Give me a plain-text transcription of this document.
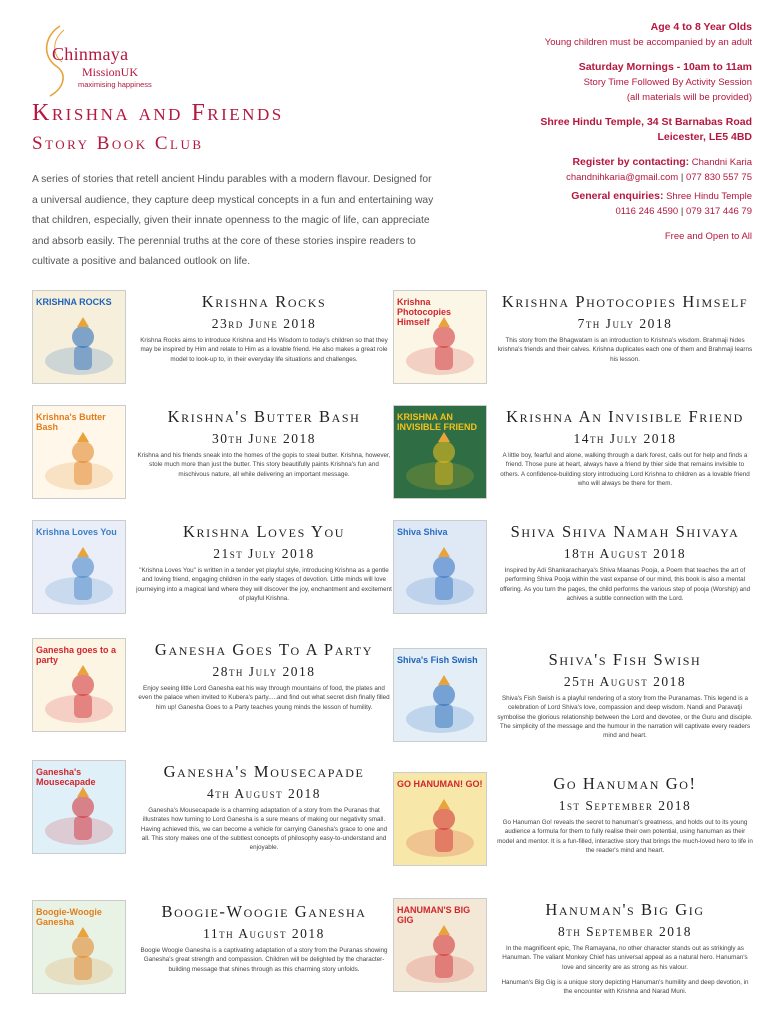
Chinmaya
MissionUK
maximising happiness
Krishna and Friends
Story Book Club

A series of stories that retell ancient Hindu parables with a modern flavour. Designed for a universal audience, they capture deep mystical concepts in a fun and entertaining way that children, especially, given their innate openness to the magic of life, can appreciate and absorb easily. The perennial truths at the core of these stories inspire readers to cultivate a positive and balanced outlook on life.

Age 4 to 8 Year Olds
Young children must be accompanied by an adult
Saturday Mornings - 10am to 11am
Story Time Followed By Activity Session
(all materials will be provided)
Shree Hindu Temple, 34 St Barnabas Road
Leicester, LE5 4BD
Register by contacting: Chandni Karia
chandnihkaria@gmail.com | 077 830 557 75
General enquiries: Shree Hindu Temple
0116 246 4590 | 079 317 446 79
Free and Open to All
KRISHNA ROCKS	Krishna Rocks
23rd June 2018

Krishna Rocks aims to introduce Krishna and His Wisdom to today's children so that they may be inspired by Him and relate to Him as a lovable friend. He also makes a great role model to look-up to, in their everyday life situations and challenges.

Krishna Photocopies Himself
Krishna Photocopies Himself
7th July 2018

This story from the Bhagwatam is an introduction to Krishna's wisdom. Brahmaji hides krishna's friends and their calves. Krishna duplicates each one of them and Brahmaji learns his lesson.

Krishna's Butter Bash
Krishna's Butter Bash
30th June 2018

Krishna and his friends sneak into the homes of the gopis to steal butter. Krishna, however, stole much more than just the butter. This story beautifully paints Krishna's fun and mischivous nature, all while delivering an important message.

KRISHNA AN INVISIBLE FRIEND
Krishna An Invisible Friend
14th July 2018

A little boy, fearful and alone, walking through a dark forest, calls out for help and finds a friend. Those pure at heart, always have a friend by thier side that remains invisible to others. A confidence-building story introducing Lord Krishna to children as a lovable friend who will always be there for them.

Krishna Loves You	Krishna Loves You
21st July 2018

"Krishna Loves You" is written in a tender yet playful style, introducing Krishna as a gentle and loving friend, engaging children in the early stages of devotion. Little minds will love journeying into a magical land where they will discover the joy, enchantment and excitement of playful Krishna.

Shiva Shiva	Shiva Shiva Namah Shivaya
18th August 2018

Inspired by Adi Shankaracharya's Shiva Maanas Pooja, a Poem that teaches the art of performing Shiva Pooja within the vast expanse of our mind, this book is also a mental offering. As you turn the pages, the child performs the various step of pooja (Worship) and achives a subtle connection with the Lord.

Ganesha goes to a party
Ganesha Goes To A Party
28th July 2018

Enjoy seeing little Lord Ganesha eat his way through mountains of food, the plates and even the palace when invited to Kubera's party.....and find out what secret dish finally filled him up! Ganesha Goes to a Party teaches young minds the lesson of humility.

Shiva's Fish Swish	Shiva's Fish Swish
25th August 2018

Shiva's Fish Swish is a playful rendering of a story from the Puranamas. This legend is a celebration of Lord Shiva's love, compassion and deep wisdom. Nandi and Paravatji symbolise the glorious relationship between the Lord and devotee, or the Guru and disciple. The simplicity of the message and the humour in the narration will captivate every readers mind and heart.

Ganesha's Mousecapade
Ganesha's Mousecapade
4th August 2018

Ganesha's Mousecapade is a charming adaptation of a story from the Puranas that illustrates how turning to Lord Ganesha is a sure means of making our negativity small. Having achieved this, we can become a vehicle for carrying Ganesha's grace to one and all. This story makes one of the subtlest concepts of philosophy easy-to-understand and enjoyable.

GO HANUMAN! GO!	Go Hanuman Go!
1st September 2018

Go Hanuman Go! reveals the secret to hanuman's greatness, and holds out to its young audience a formula for them to fully realise their own potential, using hanuman as their model and mentor. It is a fun-filled, interactive story that brings the much-loved hero to life in the reader's mind and heart.

Boogie-Woogie Ganesha
Boogie-Woogie Ganesha
11th August 2018

Boogie Woogie Ganesha is a captivating adaptation of a story from the Puranas showing Ganesha's great strength and compassion. Children will be delighted by the character-building message that shines through as this charming story unfolds.

HANUMAN'S BIG GIG
Hanuman's Big Gig
8th September 2018

In the magnificent epic, The Ramayana, no other character stands out as strikingly as Hanuman. The valiant Monkey Chief has universal appeal as a natural hero. Hanuman's love and sincerity are as strong as his valour.

Hanuman's Big Gig is a unique story depicting Hanuman's humility and deep devotion, in the encounter with Krishna and Narad Muni.
